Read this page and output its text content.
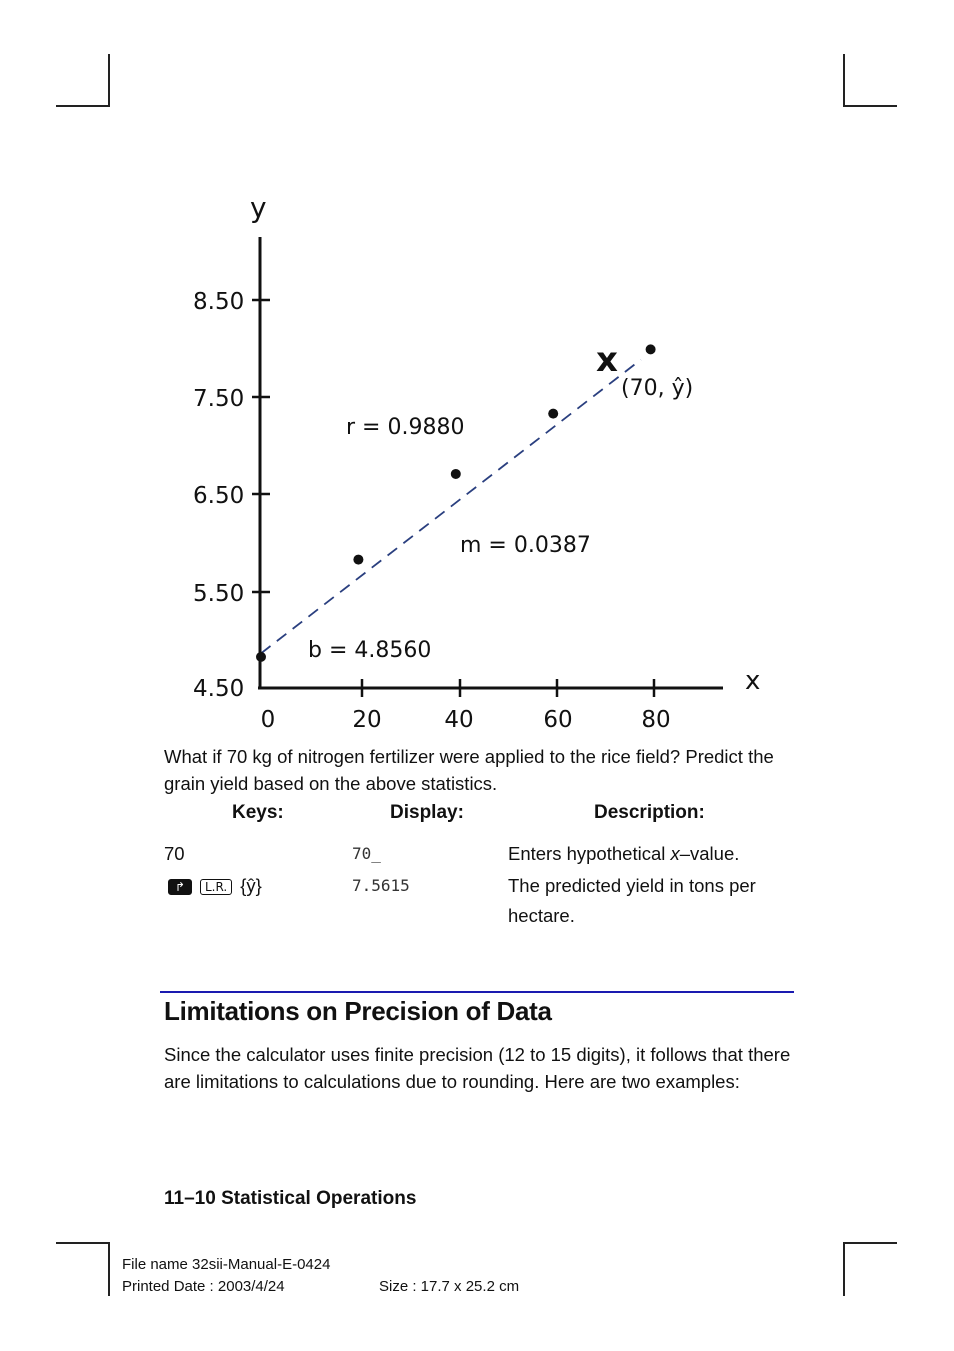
y
x
8.50
7.50
6.50
5.50
4.50
0	20	40	60	80
r = 0.9880
m = 0.0387
b = 4.8560
(70, ŷ)
x
What if 70 kg of nitrogen fertilizer were applied to the rice field? Predict the grain yield based on the above statistics.
Keys:	Display:	Description:
70	70_	Enters hypothetical x–value.
↱ L.R. {ŷ}	7.5615	The predicted yield in tons per hectare.
Limitations on Precision of Data
Since the calculator uses finite precision (12 to 15 digits), it follows that there are limitations to calculations due to rounding. Here are two examples:
11–10 Statistical Operations
File name 32sii-Manual-E-0424
Printed Date : 2003/4/24	Size : 17.7 x 25.2 cm
